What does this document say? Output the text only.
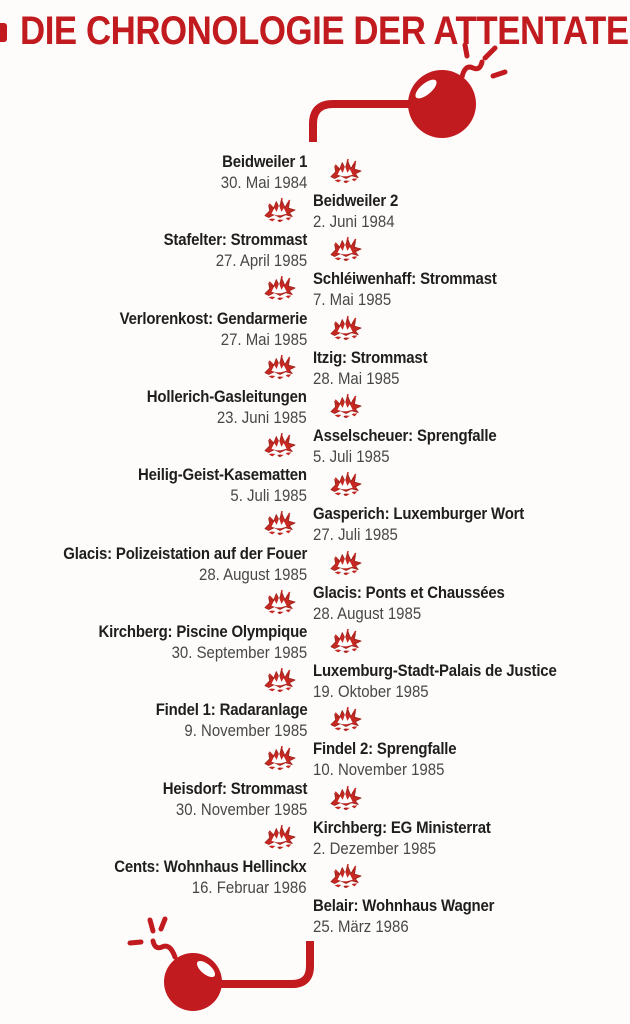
DIE CHRONOLOGIE DER ATTENTATE
Beidweiler 1
30. Mai 1984
Beidweiler 2
2. Juni 1984
Stafelter: Strommast
27. April 1985
Schléiwenhaff: Strommast
7. Mai 1985
Verlorenkost: Gendarmerie
27. Mai 1985
Itzig: Strommast
28. Mai 1985
Hollerich-Gasleitungen
23. Juni 1985
Asselscheuer: Sprengfalle
5. Juli 1985
Heilig-Geist-Kasematten
5. Juli 1985
Gasperich: Luxemburger Wort
27. Juli 1985
Glacis: Polizeistation auf der Fouer
28. August 1985
Glacis: Ponts et Chaussées
28. August 1985
Kirchberg: Piscine Olympique
30. September 1985
Luxemburg-Stadt-Palais de Justice
19. Oktober 1985
Findel 1: Radaranlage
9. November 1985
Findel 2: Sprengfalle
10. November 1985
Heisdorf: Strommast
30. November 1985
Kirchberg: EG Ministerrat
2. Dezember 1985
Cents: Wohnhaus Hellinckx
16. Februar 1986
Belair: Wohnhaus Wagner
25. März 1986
